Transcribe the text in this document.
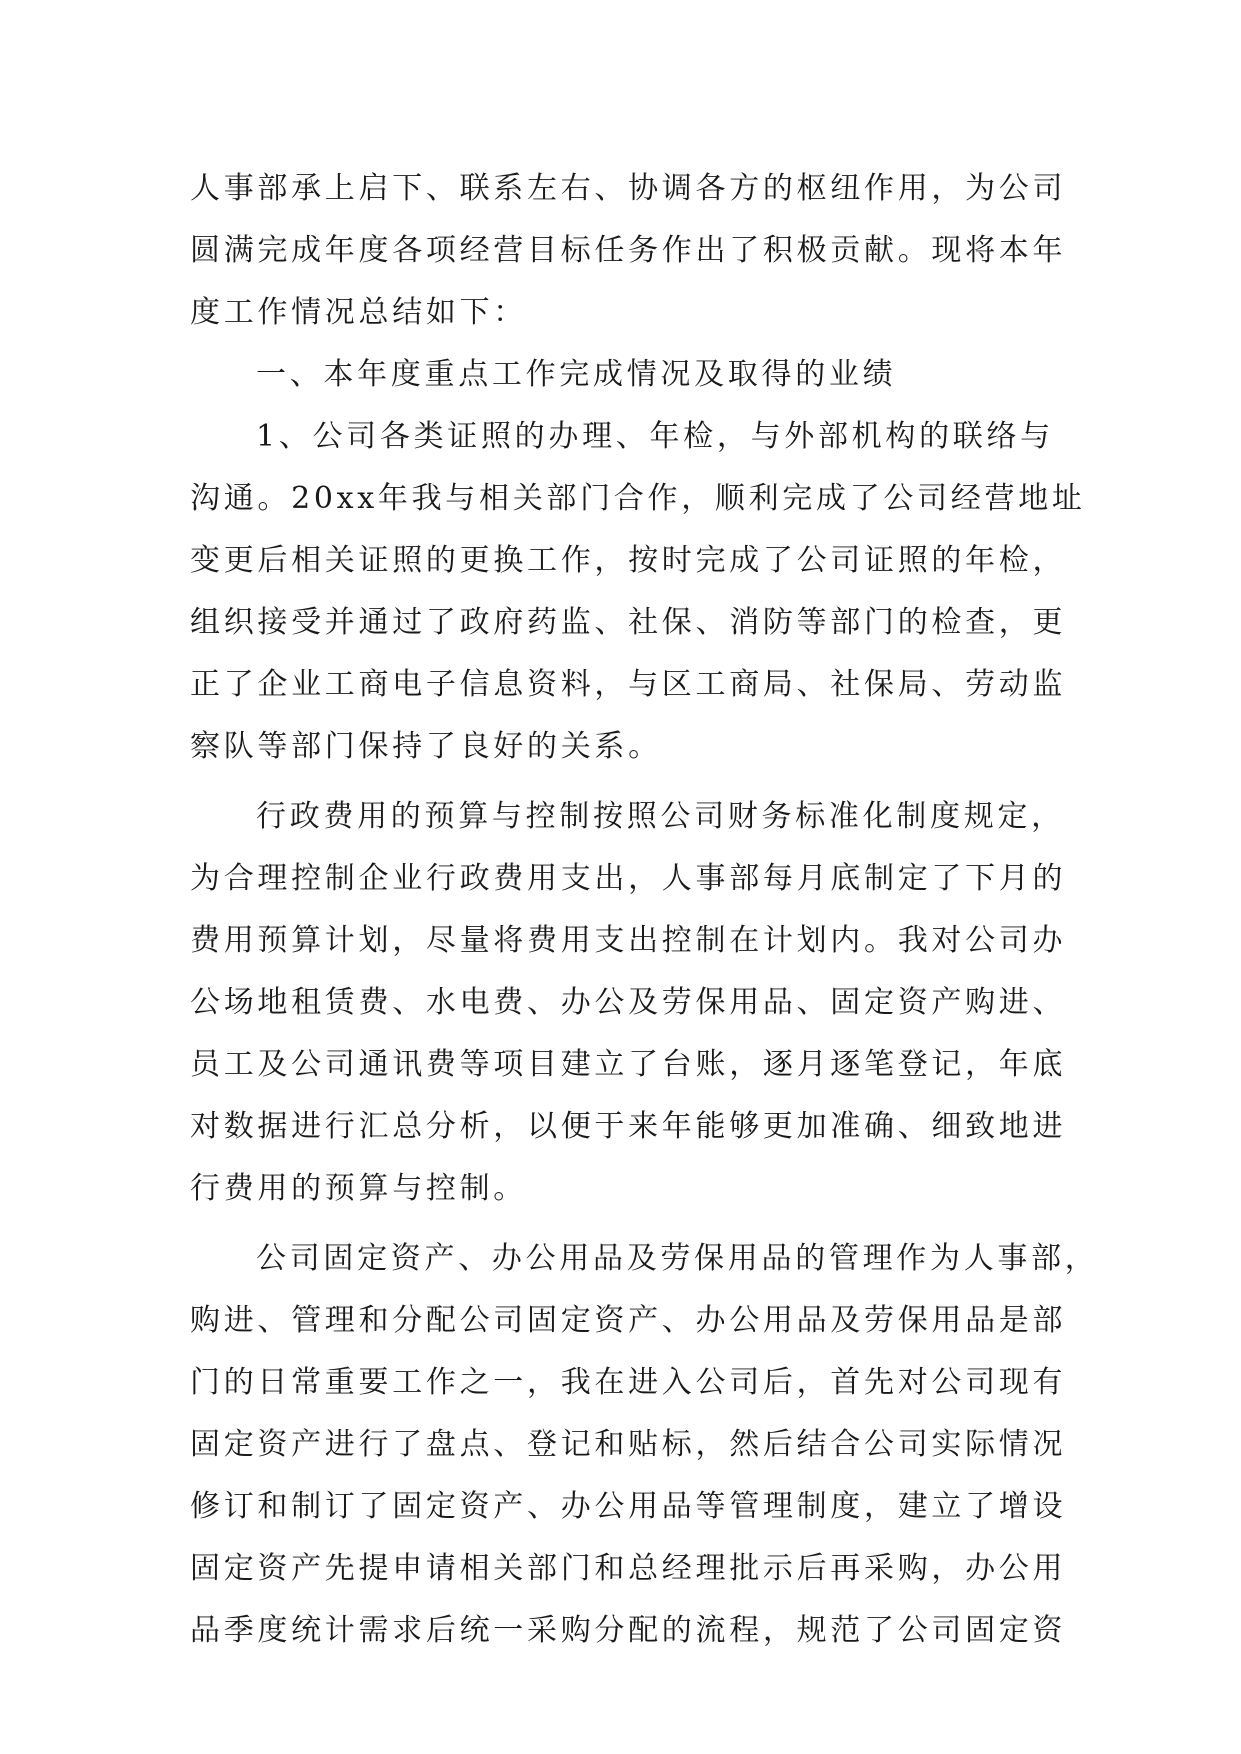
人事部承上启下、联系左右、协调各方的枢纽作用，为公司
圆满完成年度各项经营目标任务作出了积极贡献。现将本年
度工作情况总结如下：
一、本年度重点工作完成情况及取得的业绩
1、公司各类证照的办理、年检，与外部机构的联络与
沟通。20xx年我与相关部门合作，顺利完成了公司经营地址
变更后相关证照的更换工作，按时完成了公司证照的年检，
组织接受并通过了政府药监、社保、消防等部门的检查，更
正了企业工商电子信息资料，与区工商局、社保局、劳动监
察队等部门保持了良好的关系。
行政费用的预算与控制按照公司财务标准化制度规定，
为合理控制企业行政费用支出，人事部每月底制定了下月的
费用预算计划，尽量将费用支出控制在计划内。我对公司办
公场地租赁费、水电费、办公及劳保用品、固定资产购进、
员工及公司通讯费等项目建立了台账，逐月逐笔登记，年底
对数据进行汇总分析，以便于来年能够更加准确、细致地进
行费用的预算与控制。
公司固定资产、办公用品及劳保用品的管理作为人事部，
购进、管理和分配公司固定资产、办公用品及劳保用品是部
门的日常重要工作之一，我在进入公司后，首先对公司现有
固定资产进行了盘点、登记和贴标，然后结合公司实际情况
修订和制订了固定资产、办公用品等管理制度，建立了增设
固定资产先提申请相关部门和总经理批示后再采购，办公用
品季度统计需求后统一采购分配的流程，规范了公司固定资
